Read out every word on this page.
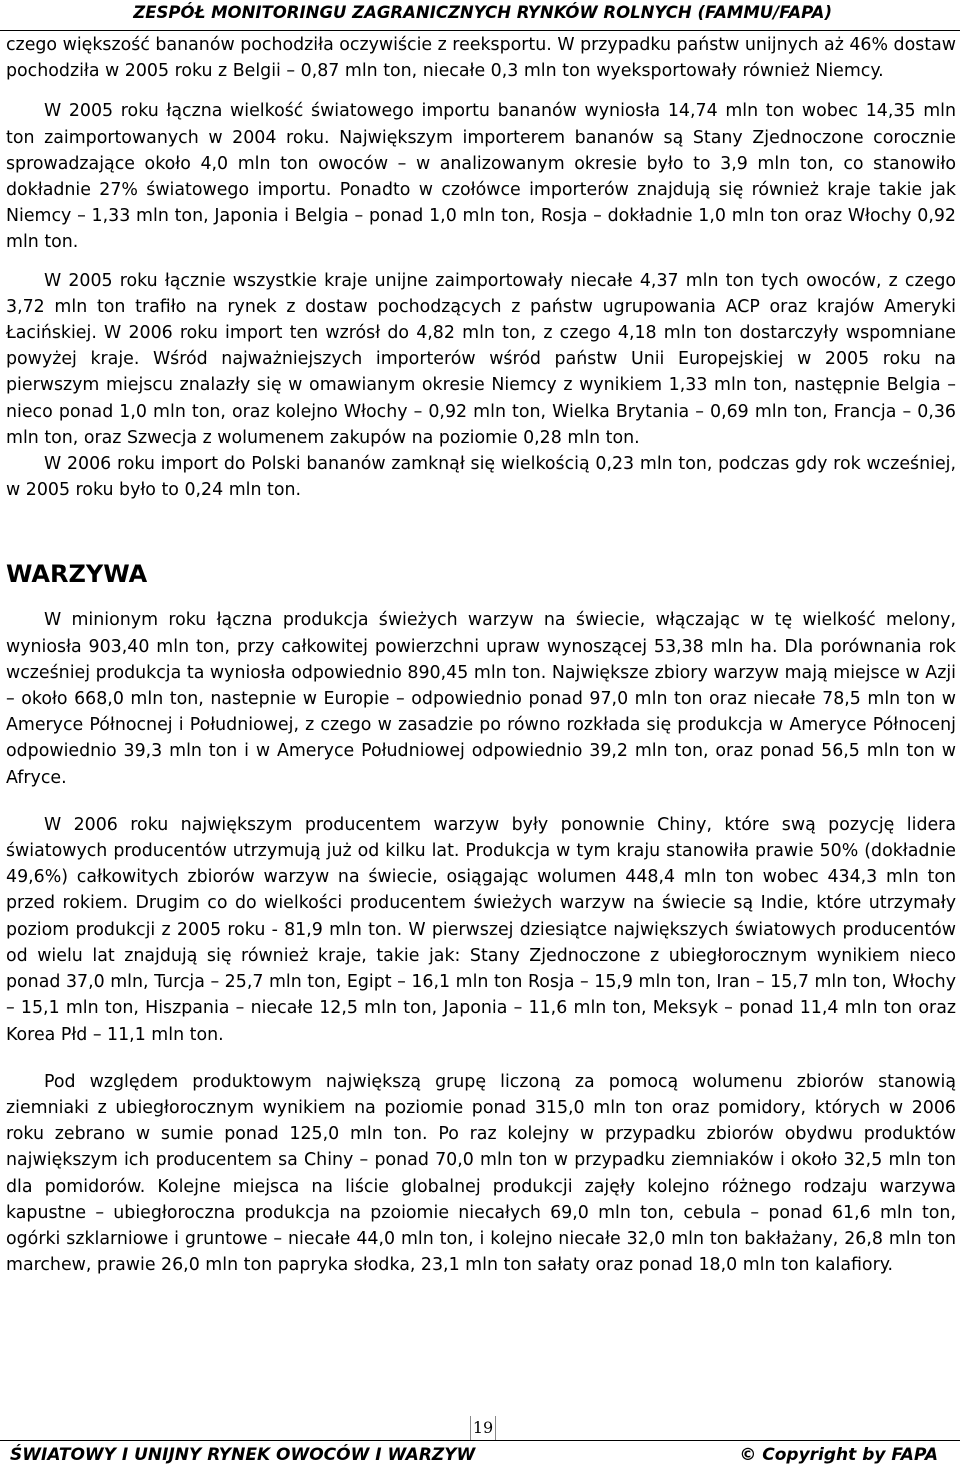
ZESPÓŁ MONITORINGU ZAGRANICZNYCH RYNKÓW ROLNYCH (FAMMU/FAPA)

czego większość bananów pochodziła oczywiście z reeksportu. W przypadku państw unijnych aż 46% dostaw pochodziła w 2005 roku z Belgii – 0,87 mln ton, niecałe 0,3 mln ton wyeksportowały również Niemcy.

W 2005 roku łączna wielkość światowego importu bananów wyniosła 14,74 mln ton wobec 14,35 mln ton zaimportowanych w 2004 roku. Największym importerem bananów są Stany Zjednoczone corocznie sprowadzające około 4,0 mln ton owoców – w analizowanym okresie było to 3,9 mln ton, co stanowiło dokładnie 27% światowego importu. Ponadto w czołówce importerów znajdują się również kraje takie jak Niemcy – 1,33 mln ton, Japonia i Belgia – ponad 1,0 mln ton, Rosja – dokładnie 1,0 mln ton oraz Włochy 0,92 mln ton.

W 2005 roku łącznie wszystkie kraje unijne zaimportowały niecałe 4,37 mln ton tych owoców, z czego 3,72 mln ton trafiło na rynek z dostaw pochodzących z państw ugrupowania ACP oraz krajów Ameryki Łacińskiej. W 2006 roku import ten wzrósł do 4,82 mln ton, z czego 4,18 mln ton dostarczyły wspomniane powyżej kraje. Wśród najważniejszych importerów wśród państw Unii Europejskiej w 2005 roku na pierwszym miejscu znalazły się w omawianym okresie Niemcy z wynikiem 1,33 mln ton, następnie Belgia – nieco ponad 1,0 mln ton, oraz kolejno Włochy – 0,92 mln ton, Wielka Brytania – 0,69 mln ton, Francja – 0,36 mln ton, oraz Szwecja z wolumenem zakupów na poziomie 0,28 mln ton.

W 2006 roku import do Polski bananów zamknął się wielkością 0,23 mln ton, podczas gdy rok wcześniej, w 2005 roku było to 0,24 mln ton.

WARZYWA

W minionym roku łączna produkcja świeżych warzyw na świecie, włączając w tę wielkość melony, wyniosła 903,40 mln ton, przy całkowitej powierzchni upraw wynoszącej 53,38 mln ha. Dla porównania rok wcześniej produkcja ta wyniosła odpowiednio 890,45 mln ton. Największe zbiory warzyw mają miejsce w Azji – około 668,0 mln ton, nastepnie w Europie – odpowiednio ponad 97,0 mln ton oraz niecałe 78,5 mln ton w Ameryce Północnej i Południowej, z czego w zasadzie po równo rozkłada się produkcja w Ameryce Północenj odpowiednio 39,3 mln ton i w Ameryce Południowej odpowiednio 39,2 mln ton, oraz ponad 56,5 mln ton w Afryce.

W 2006 roku największym producentem warzyw były ponownie Chiny, które swą pozycję lidera światowych producentów utrzymują już od kilku lat. Produkcja w tym kraju stanowiła prawie 50% (dokładnie 49,6%) całkowitych zbiorów warzyw na świecie, osiągając wolumen 448,4 mln ton wobec 434,3 mln ton przed rokiem. Drugim co do wielkości producentem świeżych warzyw na świecie są Indie, które utrzymały poziom produkcji z 2005 roku - 81,9 mln ton. W pierwszej dziesiątce największych światowych producentów od wielu lat znajdują się również kraje, takie jak: Stany Zjednoczone z ubiegłorocznym wynikiem nieco ponad 37,0 mln, Turcja – 25,7 mln ton, Egipt – 16,1 mln ton Rosja – 15,9 mln ton, Iran – 15,7 mln ton, Włochy – 15,1 mln ton, Hiszpania – niecałe 12,5 mln ton, Japonia – 11,6 mln ton, Meksyk – ponad 11,4 mln ton oraz Korea Płd – 11,1 mln ton.

Pod względem produktowym największą grupę liczoną za pomocą wolumenu zbiorów stanowią ziemniaki z ubiegłorocznym wynikiem na poziomie ponad 315,0 mln ton oraz pomidory, których w 2006 roku zebrano w sumie ponad 125,0 mln ton. Po raz kolejny w przypadku zbiorów obydwu produktów największym ich producentem sa Chiny – ponad 70,0 mln ton w przypadku ziemniaków i około 32,5 mln ton dla pomidorów. Kolejne miejsca na liście globalnej produkcji zajęły kolejno różnego rodzaju warzywa kapustne – ubiegłoroczna produkcja na pzoiomie niecałych 69,0 mln ton, cebula – ponad 61,6 mln ton, ogórki szklarniowe i gruntowe – niecałe 44,0 mln ton, i kolejno niecałe 32,0 mln ton bakłażany, 26,8 mln ton marchew, prawie 26,0 mln ton papryka słodka, 23,1 mln ton sałaty oraz ponad 18,0 mln ton kalafiory.

19
ŚWIATOWY I UNIJNY RYNEK OWOCÓW I WARZYW	© Copyright by FAPA
